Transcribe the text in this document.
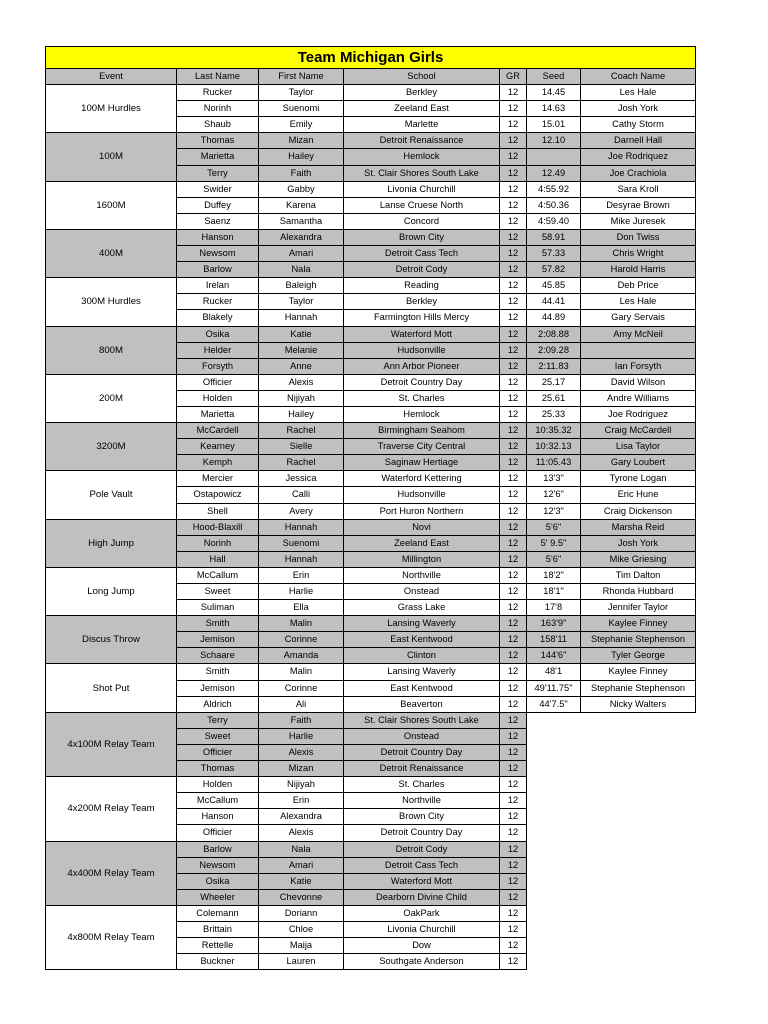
Team Michigan Girls						
Event	Last Name	First Name	School	GR	Seed	Coach Name
100M Hurdles	Rucker	Taylor	Berkley	12	14.45	Les Hale
	Norinh	Suenomi	Zeeland East	12	14.63	Josh York
	Shaub	Emily	Marlette	12	15.01	Cathy Storm
100M	Thomas	Mizan	Detroit Renaissance	12	12.10	Darnell Hall
	Marietta	Hailey	Hemlock	12		Joe Rodriquez
	Terry	Faith	St. Clair Shores South Lake	12	12.49	Joe Crachiola
1600M	Swider	Gabby	Livonia Churchill	12	4:55.92	Sara Kroll
	Duffey	Karena	Lanse Cruese North	12	4:50.36	Desyrae Brown
	Saenz	Samantha	Concord	12	4:59.40	Mike Juresek
400M	Hanson	Alexandra	Brown City	12	58.91	Don Twiss
	Newsom	Amari	Detroit Cass Tech	12	57.33	Chris Wright
	Barlow	Nala	Detroit Cody	12	57.82	Harold Harris
300M Hurdles	Irelan	Baleigh	Reading	12	45.85	Deb Price
	Rucker	Taylor	Berkley	12	44.41	Les Hale
	Blakely	Hannah	Farmington Hills Mercy	12	44.89	Gary Servais
800M	Osika	Katie	Waterford Mott	12	2:08.88	Amy McNeil
	Helder	Melanie	Hudsonville	12	2:09.28	
	Forsyth	Anne	Ann Arbor Pioneer	12	2:11.83	Ian Forsyth
200M	Officier	Alexis	Detroit Country Day	12	25.17	David Wilson
	Holden	Nijiyah	St. Charles	12	25.61	Andre Williams
	Marietta	Hailey	Hemlock	12	25.33	Joe Rodriguez
3200M	McCardell	Rachel	Birmingham Seahom	12	10:35.32	Craig McCardell
	Kearney	Sielle	Traverse City Central	12	10:32.13	Lisa Taylor
	Kemph	Rachel	Saginaw Hertiage	12	11:05.43	Gary Loubert
Pole Vault	Mercier	Jessica	Waterford Kettering	12	13'3"	Tyrone Logan
	Ostapowicz	Calli	Hudsonville	12	12'6"	Eric Hune
	Shell	Avery	Port Huron Northern	12	12'3"	Craig Dickenson
High Jump	Hood-Blaxill	Hannah	Novi	12	5'6"	Marsha Reid
	Norinh	Suenomi	Zeeland East	12	5' 9.5"	Josh York
	Hall	Hannah	Millington	12	5'6"	Mike Griesing
Long Jump	McCallum	Erin	Northville	12	18'2"	Tim Dalton
	Sweet	Harlie	Onstead	12	18'1"	Rhonda Hubbard
	Suliman	Ella	Grass Lake	12	17'8	Jennifer Taylor
Discus Throw	Smith	Malin	Lansing Waverly	12	163'9"	Kaylee Finney
	Jemison	Corinne	East Kentwood	12	158'11	Stephanie Stephenson
	Schaare	Amanda	Clinton	12	144'6"	Tyler George
Shot Put	Smith	Malin	Lansing Waverly	12	48'1	Kaylee Finney
	Jemison	Corinne	East Kentwood	12	49'11.75"	Stephanie Stephenson
	Aldrich	Ali	Beaverton	12	44'7.5"	Nicky Walters
4x100M Relay Team	Terry	Faith	St. Clair Shores South Lake	12		
	Sweet	Harlie	Onstead	12		
	Officier	Alexis	Detroit Country Day	12		
	Thomas	Mizan	Detroit Renaissance	12		
4x200M Relay Team	Holden	Nijiyah	St. Charles	12		
	McCallum	Erin	Northville	12		
	Hanson	Alexandra	Brown City	12		
	Officier	Alexis	Detroit Country Day	12		
4x400M Relay Team	Barlow	Nala	Detroit Cody	12		
	Newsom	Amari	Detroit Cass Tech	12		
	Osika	Katie	Waterford Mott	12		
	Wheeler	Chevonne	Dearborn Divine Child	12		
4x800M Relay Team	Colemann	Doriann	OakPark	12		
	Brittain	Chloe	Livonia Churchill	12		
	Rettelle	Maija	Dow	12		
	Buckner	Lauren	Southgate Anderson	12		
